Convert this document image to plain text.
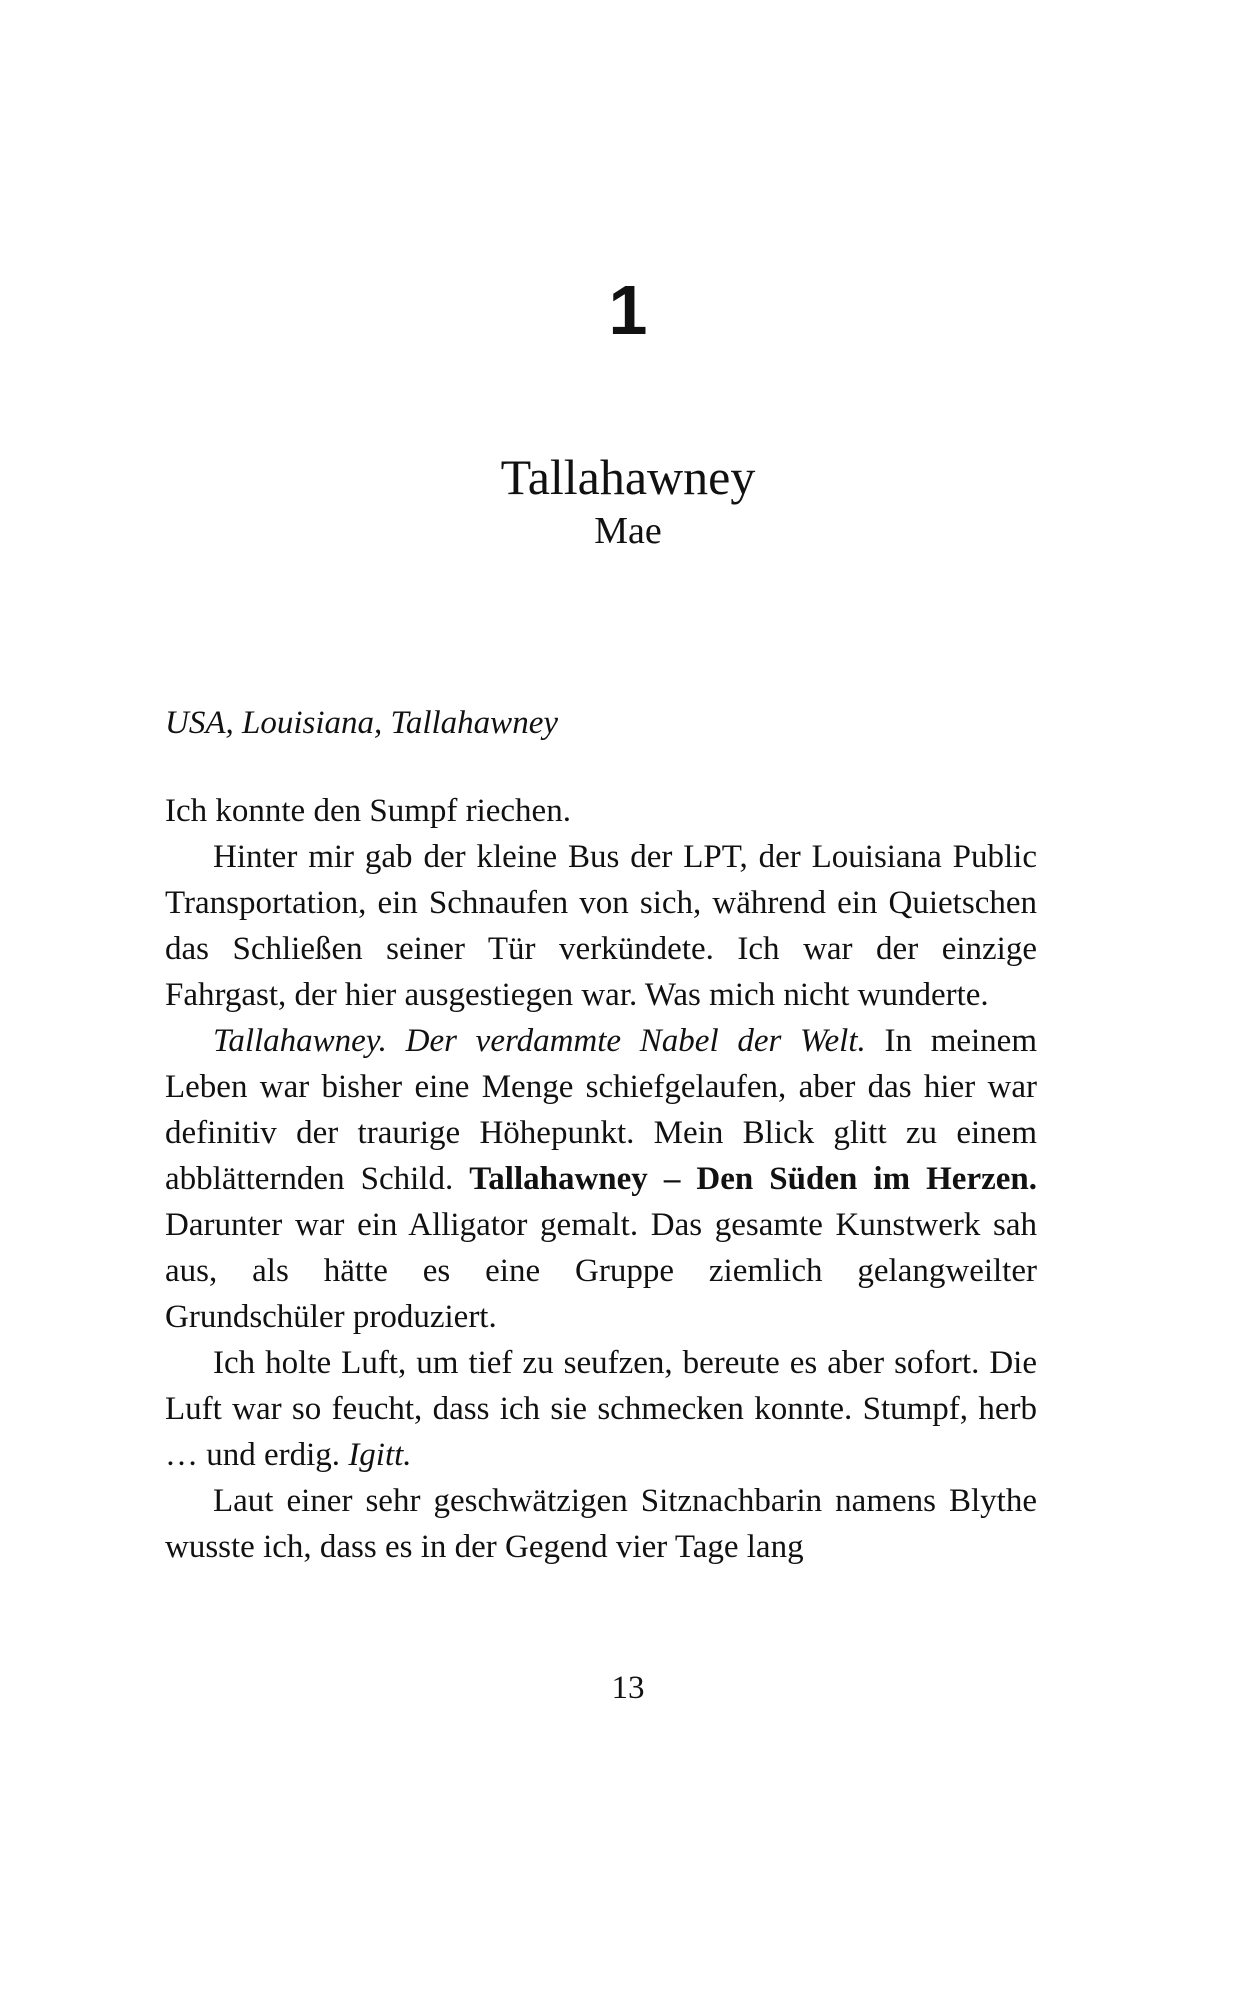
1
Tallahawney
Mae
USA, Louisiana, Tallahawney

Ich konnte den Sumpf riechen.

Hinter mir gab der kleine Bus der LPT, der Louisiana Public Transportation, ein Schnaufen von sich, während ein Quietschen das Schließen seiner Tür verkündete. Ich war der einzige Fahrgast, der hier ausgestiegen war. Was mich nicht wunderte.

Tallahawney. Der verdammte Nabel der Welt. In meinem Leben war bisher eine Menge schiefgelaufen, aber das hier war definitiv der traurige Höhepunkt. Mein Blick glitt zu einem abblätternden Schild. Tallahawney – Den Süden im Herzen. Darunter war ein Alligator gemalt. Das gesamte Kunstwerk sah aus, als hätte es eine Gruppe ziemlich gelangweilter Grundschüler produziert.

Ich holte Luft, um tief zu seufzen, bereute es aber sofort. Die Luft war so feucht, dass ich sie schmecken konnte. Stumpf, herb … und erdig. Igitt.

Laut einer sehr geschwätzigen Sitznachbarin namens Blythe wusste ich, dass es in der Gegend vier Tage lang

13
